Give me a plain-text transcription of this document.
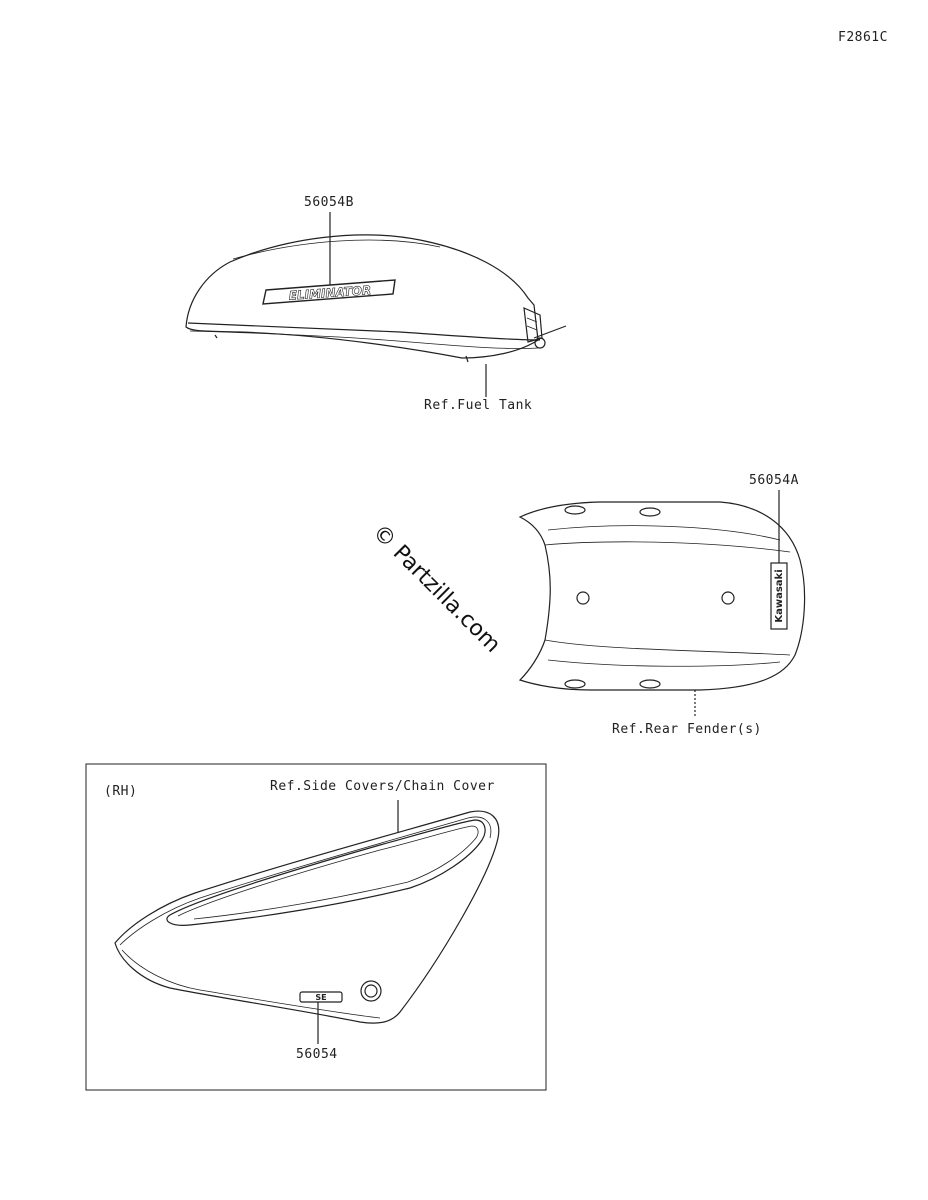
F2861C
ELIMINATOR
Kawasaki
SE
© Partzilla.com
56054B
Ref.Fuel Tank
56054A
Ref.Rear Fender(s)
(RH)	Ref.Side Covers/Chain Cover
56054
